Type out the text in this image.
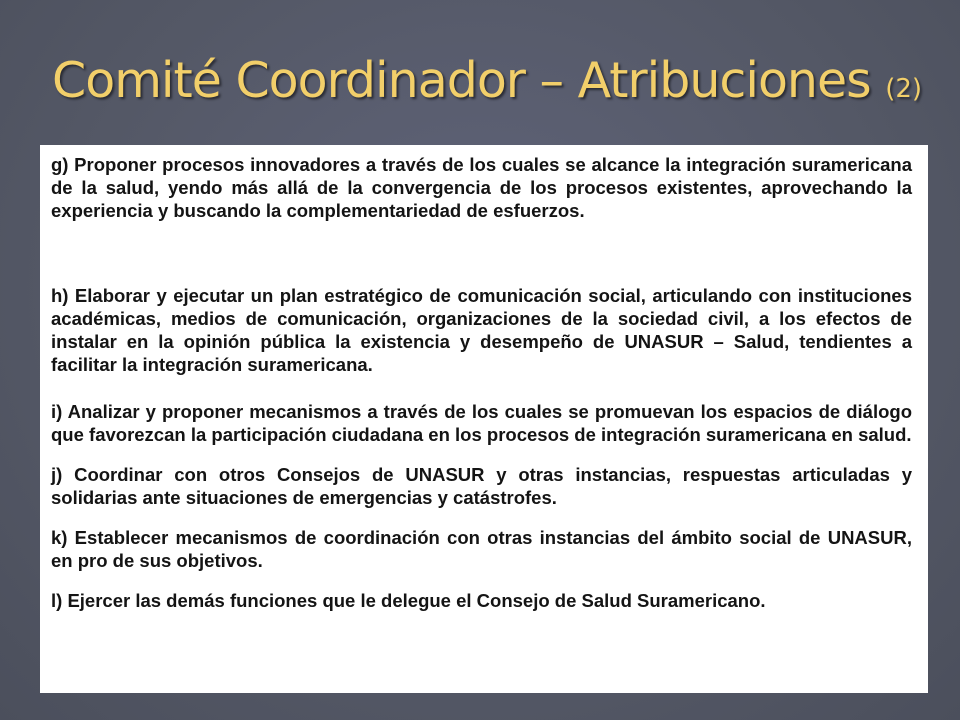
Comité Coordinador – Atribuciones (2)

g) Proponer procesos innovadores a través de los cuales se alcance la integración suramericana de la salud, yendo más allá de la convergencia de los procesos existentes, aprovechando la experiencia y buscando la complementariedad de esfuerzos.

h) Elaborar y ejecutar un plan estratégico de comunicación social, articulando con instituciones académicas, medios de comunicación, organizaciones de la sociedad civil, a los efectos de instalar en la opinión pública la existencia y desempeño de UNASUR – Salud, tendientes a facilitar la integración suramericana.

i) Analizar y proponer mecanismos a través de los cuales se promuevan los espacios de diálogo que favorezcan la participación ciudadana en los procesos de integración suramericana en salud.

j) Coordinar con otros Consejos de UNASUR y otras instancias, respuestas articuladas y solidarias ante situaciones de emergencias y catástrofes.

k) Establecer mecanismos de coordinación con otras instancias del ámbito social de UNASUR, en pro de sus objetivos.

l) Ejercer las demás funciones que le delegue el Consejo de Salud Suramericano.
